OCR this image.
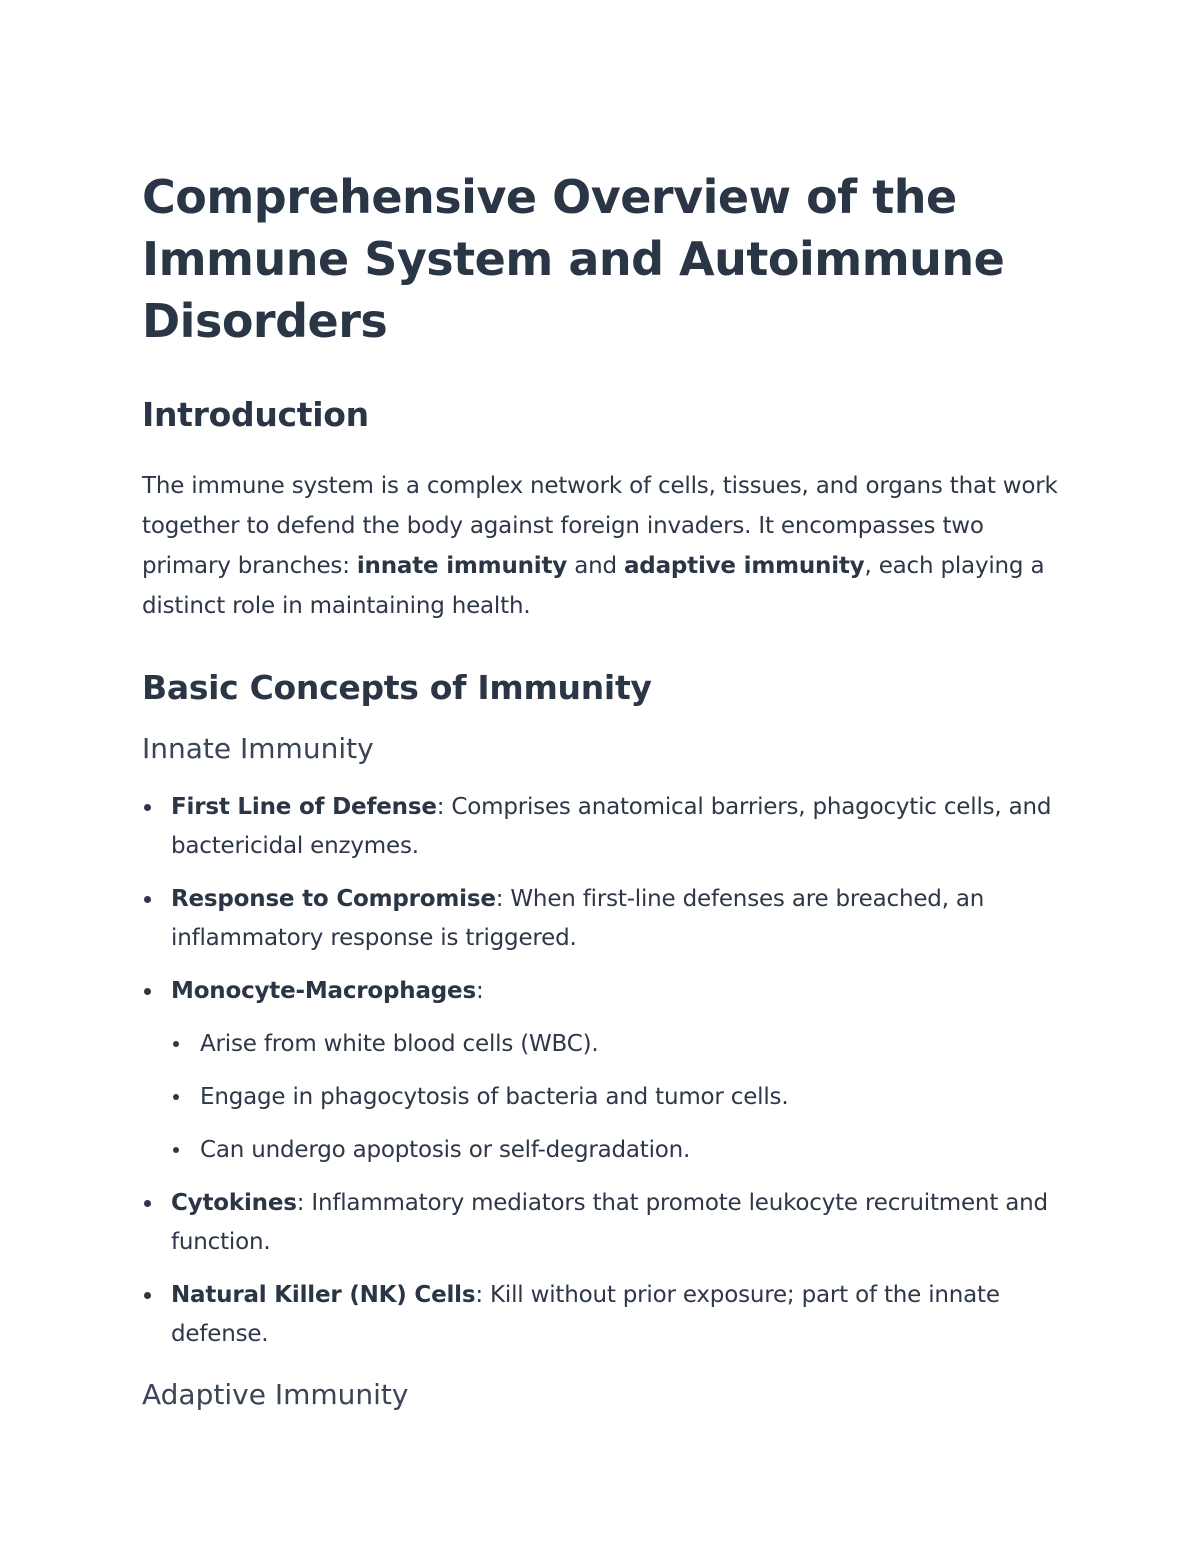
Comprehensive Overview of the
Immune System and Autoimmune
Disorders
Introduction

The immune system is a complex network of cells, tissues, and organs that work together to defend the body against foreign invaders. It encompasses two primary branches: innate immunity and adaptive immunity, each playing a distinct role in maintaining health.

Basic Concepts of Immunity
Innate Immunity
First Line of Defense: Comprises anatomical barriers, phagocytic cells, and bactericidal enzymes.
Response to Compromise: When first-line defenses are breached, an inflammatory response is triggered.
Monocyte-Macrophages:
Arise from white blood cells (WBC).
Engage in phagocytosis of bacteria and tumor cells.
Can undergo apoptosis or self-degradation.
Cytokines: Inflammatory mediators that promote leukocyte recruitment and function.
Natural Killer (NK) Cells: Kill without prior exposure; part of the innate defense.
Adaptive Immunity
